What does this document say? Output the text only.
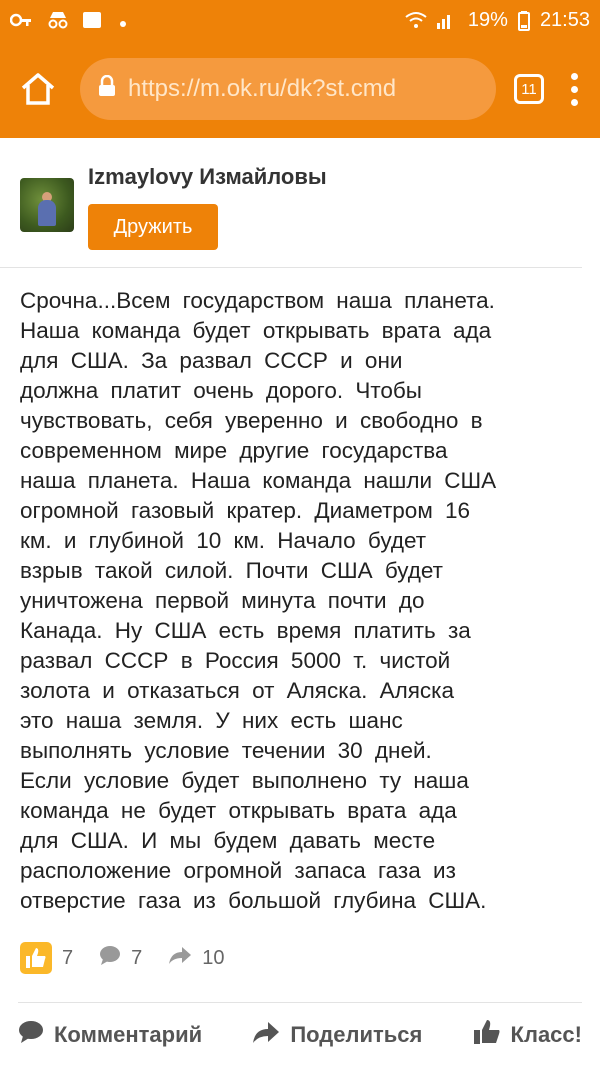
19% 21:53
https://m.ok.ru/dk?st.cmd	11
Izmaylovy Измайловы
Дружить
Срочна...Всем государством наша планета.
Наша команда будет открывать врата ада
для США. За развал СССР и они
должна платит очень дорого. Чтобы
чувствовать, себя уверенно и свободно в
современном мире другие государства
наша планета. Наша команда нашли США
огромной газовый кратер. Диаметром 16
км. и глубиной 10 км. Начало будет
взрыв такой силой. Почти США будет
уничтожена первой минута почти до
Канада. Ну США есть время платить за
развал СССР в Россия 5000 т. чистой
золота и отказаться от Аляска. Аляска
это наша земля. У них есть шанс
выполнять условие течении 30 дней.
Если условие будет выполнено ту наша
команда не будет открывать врата ада
для США. И мы будем давать месте
расположение огромной запаса газа из
отверстие газа из большой глубина США.
7	7	10
Комментарий	Поделиться	Класс!
